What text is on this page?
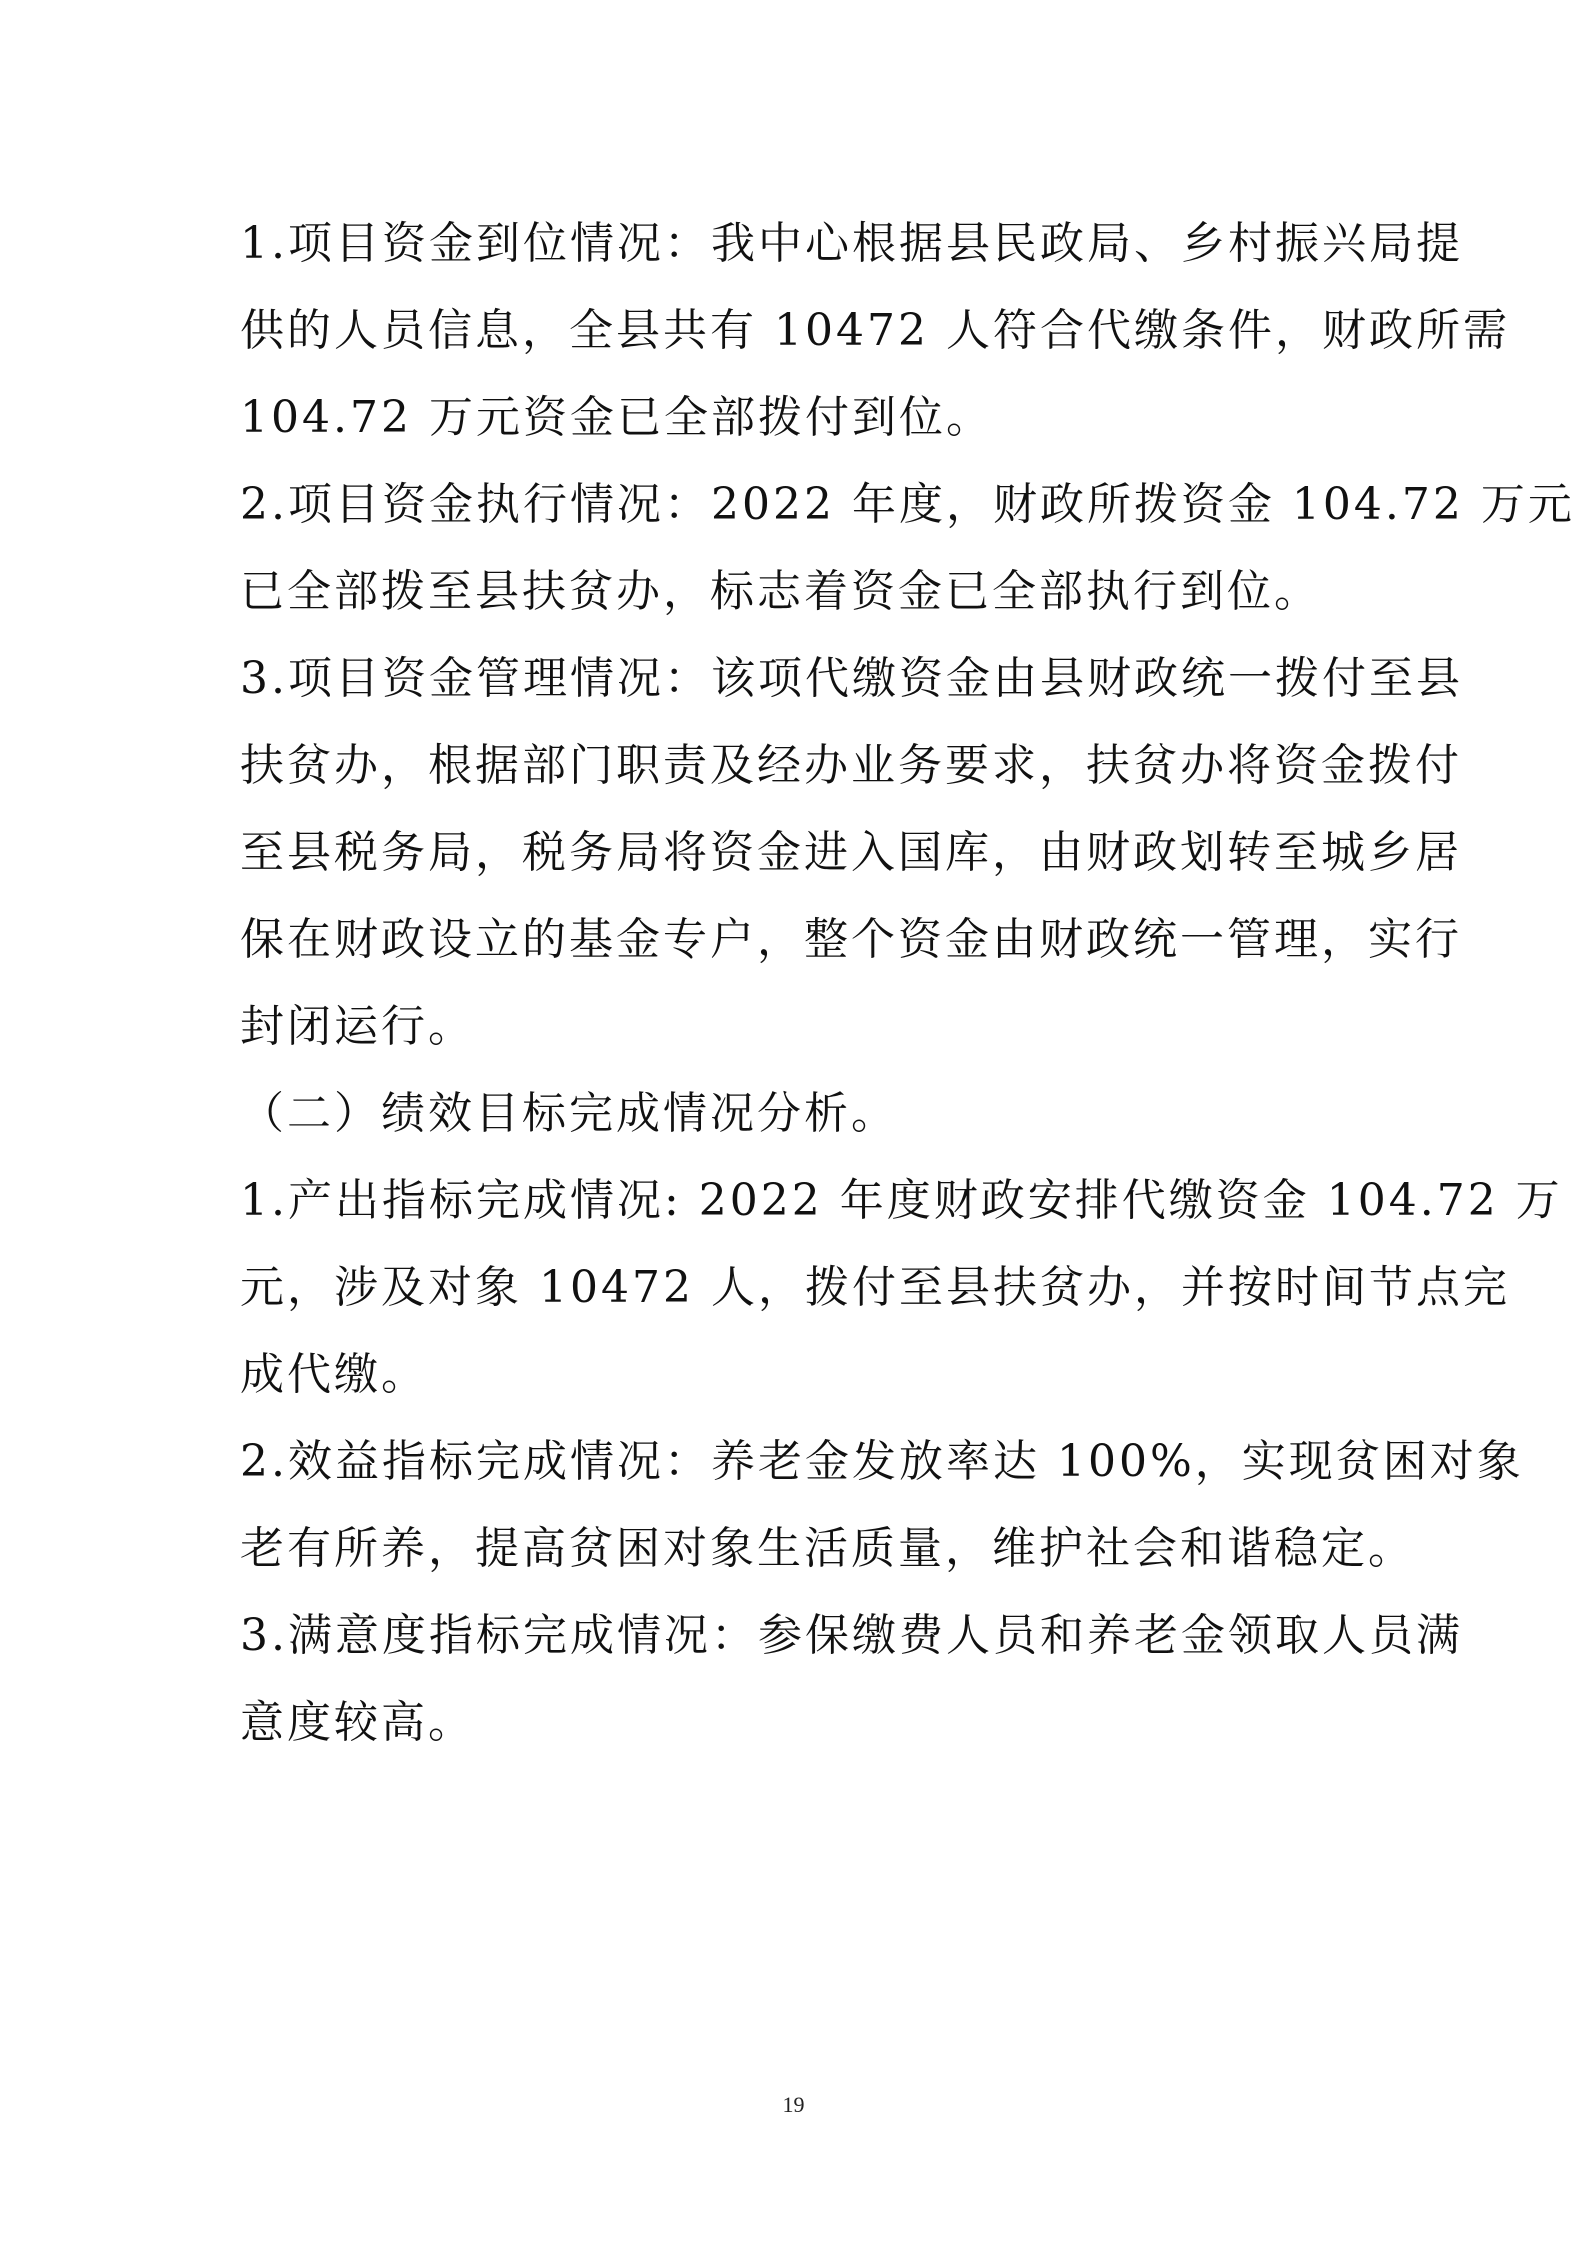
1.项目资金到位情况：我中心根据县民政局、乡村振兴局提
供的人员信息，全县共有 10472 人符合代缴条件，财政所需
104.72 万元资金已全部拨付到位。

2.项目资金执行情况：2022 年度，财政所拨资金 104.72 万元
已全部拨至县扶贫办，标志着资金已全部执行到位。

3.项目资金管理情况：该项代缴资金由县财政统一拨付至县
扶贫办，根据部门职责及经办业务要求，扶贫办将资金拨付
至县税务局，税务局将资金进入国库，由财政划转至城乡居
保在财政设立的基金专户，整个资金由财政统一管理，实行
封闭运行。

（二）绩效目标完成情况分析。

1.产出指标完成情况: 2022 年度财政安排代缴资金 104.72 万
元，涉及对象 10472 人，拨付至县扶贫办，并按时间节点完
成代缴。

2.效益指标完成情况：养老金发放率达 100%，实现贫困对象
老有所养，提高贫困对象生活质量，维护社会和谐稳定。

3.满意度指标完成情况：参保缴费人员和养老金领取人员满
意度较高。

19
